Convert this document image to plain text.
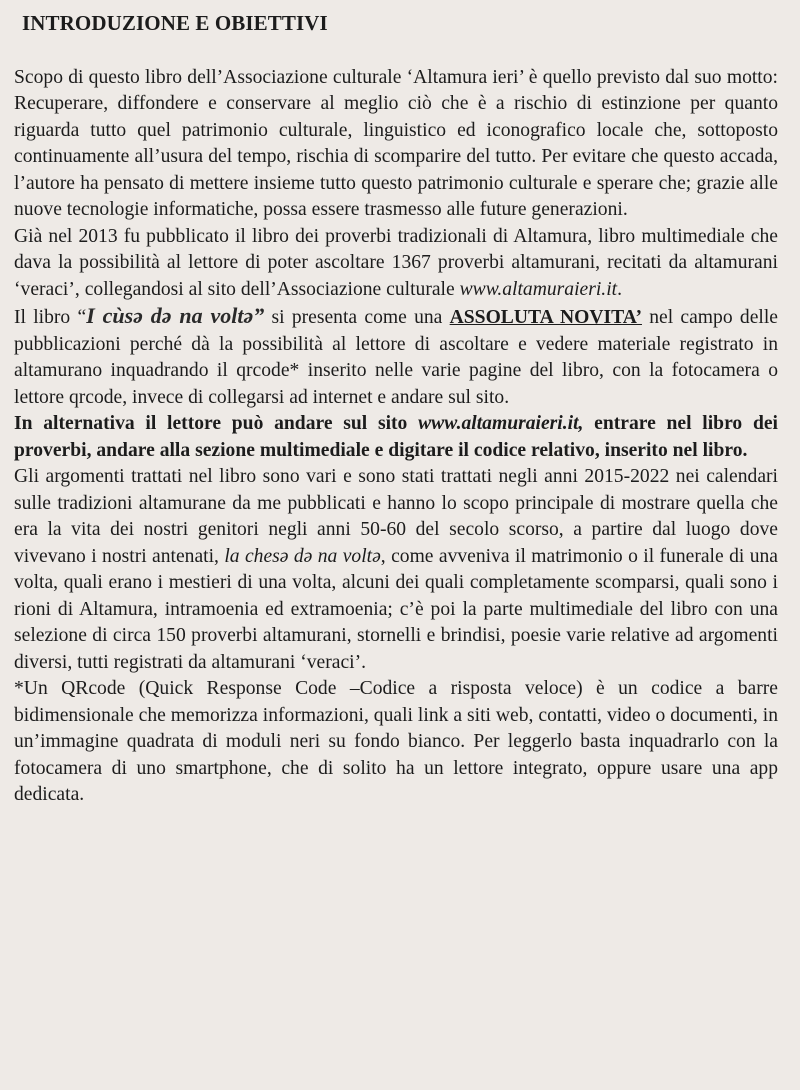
INTRODUZIONE E OBIETTIVI

Scopo di questo libro dell’Associazione culturale ‘Altamura ieri’ è quello previsto dal suo motto: Recuperare, diffondere e conservare al meglio ciò che è a rischio di estinzione per quanto riguarda tutto quel patrimonio culturale, linguistico ed iconografico locale che, sottoposto continuamente all’usura del tempo, rischia di scomparire del tutto. Per evitare che questo accada, l’autore ha pensato di mettere insieme tutto questo patrimonio culturale e sperare che; grazie alle nuove tecnologie informatiche, possa essere trasmesso alle future generazioni.

Già nel 2013 fu pubblicato il libro dei proverbi tradizionali di Altamura, libro multimediale che dava la possibilità al lettore di poter ascoltare 1367 proverbi altamurani, recitati da altamurani ‘veraci’, collegandosi al sito dell’Associazione culturale www.altamuraieri.it.

Il libro “I cùsə də na voltə” si presenta come una ASSOLUTA NOVITA’ nel campo delle pubblicazioni perché dà la possibilità al lettore di ascoltare e vedere materiale registrato in altamurano inquadrando il qrcode* inserito nelle varie pagine del libro, con la fotocamera o lettore qrcode, invece di collegarsi ad internet e andare sul sito.

In alternativa il lettore può andare sul sito www.altamuraieri.it, entrare nel libro dei proverbi, andare alla sezione multimediale e digitare il codice relativo, inserito nel libro.

Gli argomenti trattati nel libro sono vari e sono stati trattati negli anni 2015-2022 nei calendari sulle tradizioni altamurane da me pubblicati e hanno lo scopo principale di mostrare quella che era la vita dei nostri genitori negli anni 50-60 del secolo scorso, a partire dal luogo dove vivevano i nostri antenati, la chesə də na voltə, come avveniva il matrimonio o il funerale di una volta, quali erano i mestieri di una volta, alcuni dei quali completamente scomparsi, quali sono i rioni di Altamura, intramoenia ed extramoenia; c’è poi la parte multimediale del libro con una selezione di circa 150 proverbi altamurani, stornelli e brindisi, poesie varie relative ad argomenti diversi, tutti registrati da altamurani ‘veraci’.

*Un QRcode (Quick Response Code –Codice a risposta veloce) è un codice a barre bidimensionale che memorizza informazioni, quali link a siti web, contatti, video o documenti, in un’immagine quadrata di moduli neri su fondo bianco. Per leggerlo basta inquadrarlo con la fotocamera di uno smartphone, che di solito ha un lettore integrato, oppure usare una app dedicata.
